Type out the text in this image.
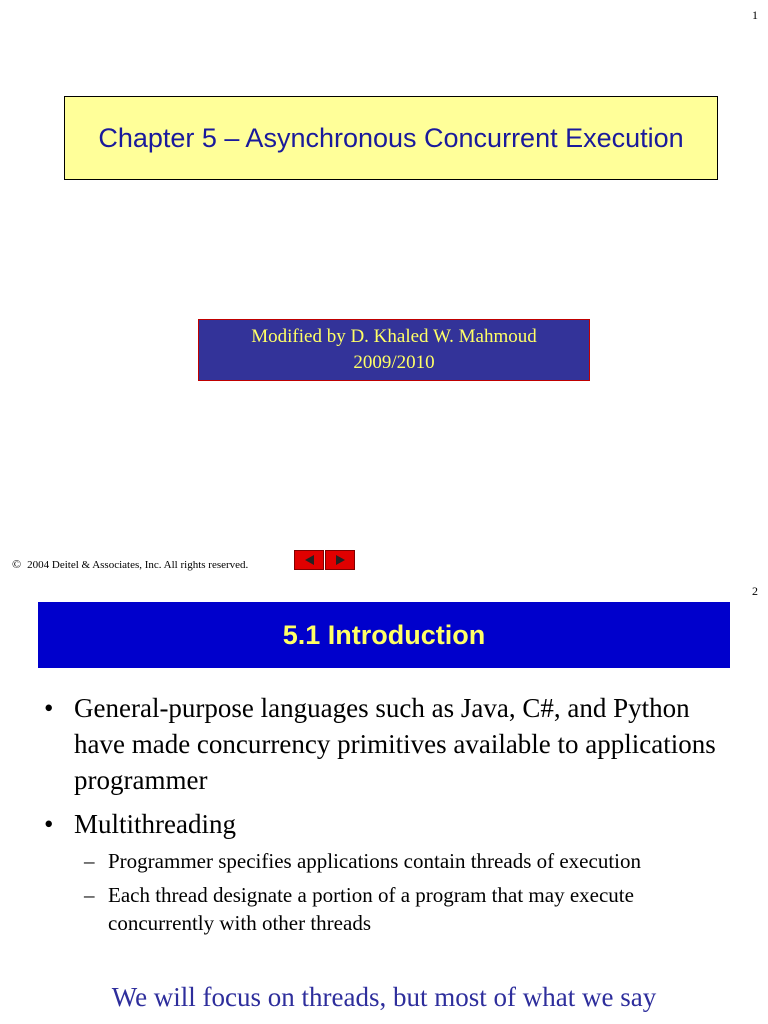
1
Chapter 5 – Asynchronous Concurrent Execution
Modified by D. Khaled W. Mahmoud
2009/2010
© 2004 Deitel & Associates, Inc. All rights reserved.
2
5.1 Introduction
• General-purpose languages such as Java, C#, and Python have made concurrency primitives available to applications programmer
• Multithreading
– Programmer specifies applications contain threads of execution
– Each thread designate a portion of a program that may execute concurrently with other threads
We will focus on threads, but most of what we say
